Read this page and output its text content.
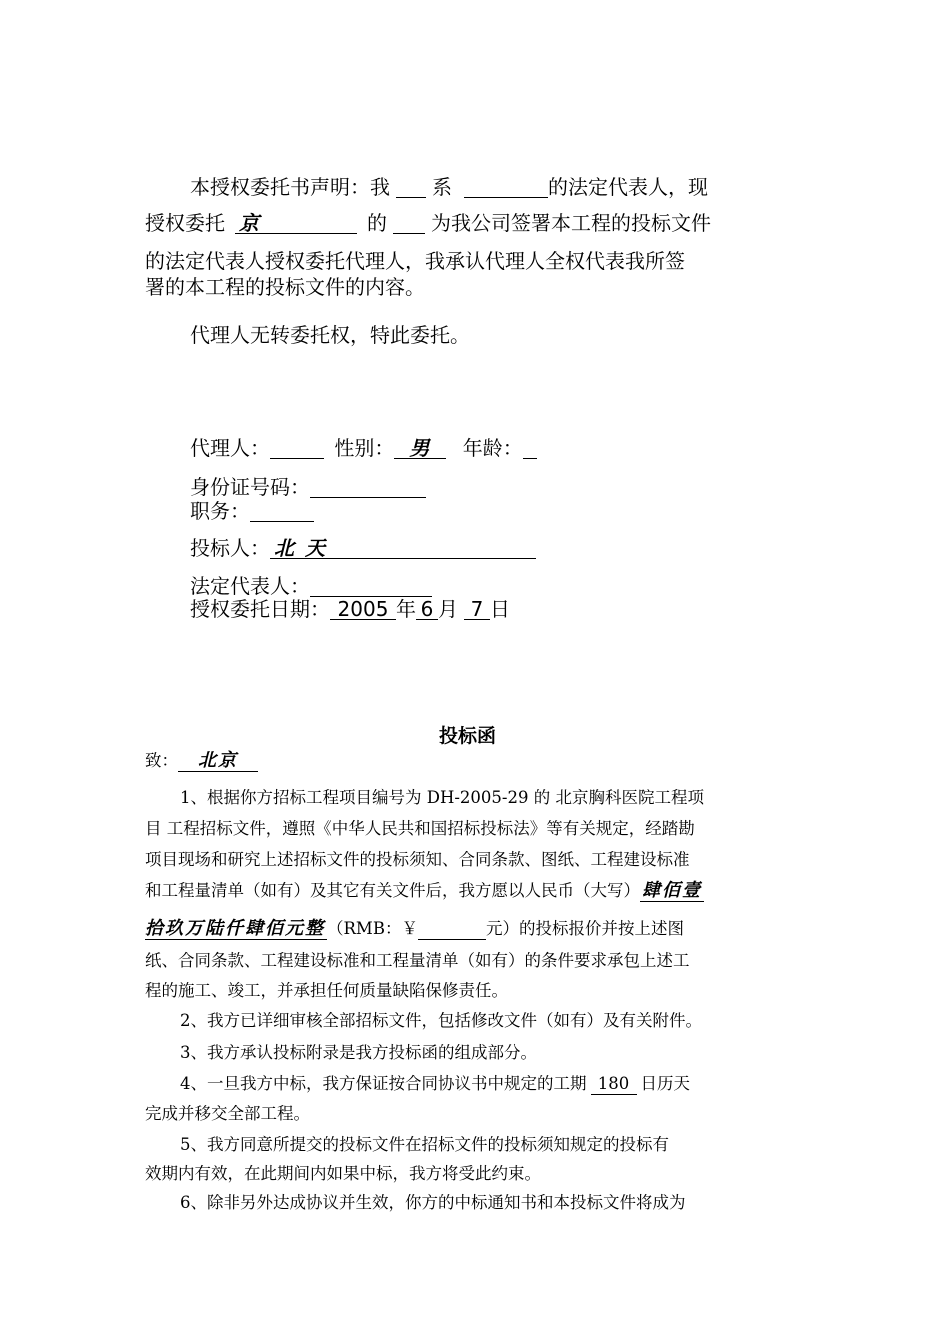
本授权委托书声明：我 系	的法定代表人，现
授权委托 京	的 为我公司签署本工程的投标文件
的法定代表人授权委托代理人，我承认代理人全权代表我所签
署的本工程的投标文件的内容。
代理人无转委托权，特此委托。
代理人：	性别： 男 年龄：
身份证号码：
职务：
投标人： 北 天
法定代表人：
授权委托日期： 2005 年 6 月 7 日
投标函
致： 北京
1、根据你方招标工程项目编号为 DH-2005-29 的 北京胸科医院工程项
目 工程招标文件，遵照《中华人民共和国招标投标法》等有关规定，经踏勘
项目现场和研究上述招标文件的投标须知、合同条款、图纸、工程建设标准
和工程量清单（如有）及其它有关文件后，我方愿以人民币（大写） 肆佰壹
拾玖万陆仟肆佰元整 （RMB：￥	元）的投标报价并按上述图
纸、合同条款、工程建设标准和工程量清单（如有）的条件要求承包上述工
程的施工、竣工，并承担任何质量缺陷保修责任。
2、我方已详细审核全部招标文件，包括修改文件（如有）及有关附件。
3、我方承认投标附录是我方投标函的组成部分。
4、一旦我方中标，我方保证按合同协议书中规定的工期 180 日历天
完成并移交全部工程。
5、我方同意所提交的投标文件在招标文件的投标须知规定的投标有
效期内有效，在此期间内如果中标，我方将受此约束。
6、除非另外达成协议并生效，你方的中标通知书和本投标文件将成为
